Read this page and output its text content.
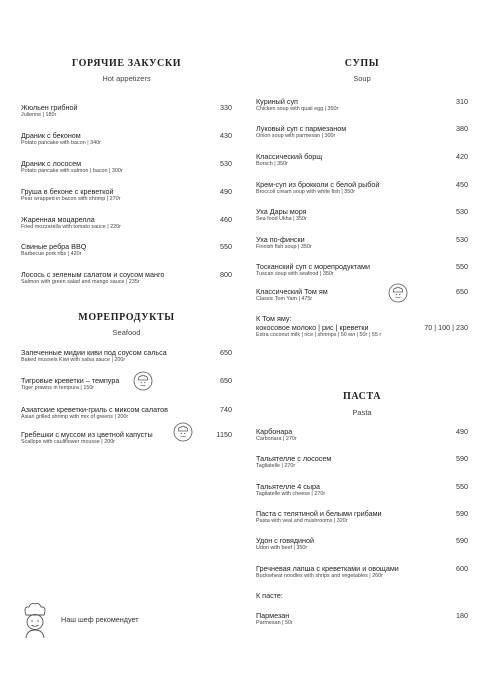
ГОРЯЧИЕ ЗАКУСКИ
Hot appetizers
Жюльен грибной
Julienne | 180г
330
Драник с беконом
Potato pancake with bacon | 340г
430
Драник с лососем
Potato pancake with salmon | bacon | 300г
530
Груша в беконе с креветкой
Pear wrapped in bacon with shrimp | 270г
490
Жаренная моцарелла
Fried mozzarella with tomato sauce | 220г
460
Свиные ребра BBQ
Barbecue pork ribs | 420г
550
Лосось с зеленым салатом и соусом манго
Salmon with green salad and mango sauce | 235г
800
МОРЕПРОДУКТЫ
Seafood
Запеченные мидии киви под соусом сальса
Baked mussels Kiwi with salsa sauce | 200г
650
Тигровые креветки – темпура
Tiger prawns in tempura | 150г
650
Азиатские креветки-гриль с миксом салатов
Asian grilled shrimp with mix of greens | 200г
740
Гребешки с муссом из цветной капусты
Scallops with cauliflower mousse | 200г
1150
Наш шеф рекомендует
СУПЫ
Soup
Куриный суп
Chicken soup with quail egg | 350г
310
Луковый суп с пармезаном
Onion soup with parmesan | 300г
380
Классический борщ
Borsch | 350г
420
Крем-суп из брокколи с белой рыбой
Broccoli cream soup with white fish | 350г
450
Уха Дары моря
Sea food Ukha | 350г
530
Уха по-фински
Finnish fish soup | 350г
530
Тосканский суп с морепродуктами
Tuscan soup with seafood | 350г
550
Классический Том ям
Classic Tom Yam | 475г
650
К Том яму:
кокосовое молоко | рис | креветки
Extra coconut milk | rice | shrimps | 50 мл | 50г | 55 г
70 | 100 | 230
ПАСТА
Pasta
Карбонара
Carbonara | 270г
490
Тальятелле с лососем
Tagliatelle | 270г
590
Тальятелле 4 сыра
Tagliatelle with cheese | 270г
550
Паста с телятиной и белыми грибами
Pasta with veal and mushrooms | 320г
590
Удон с говядиной
Udon with beef | 350г
590
Гречневая лапша с креветками и овощами
Buckwheat noodles with shrips and vegetables | 260г
600
К пасте:
Пармезан
Parmesan | 50г
180
